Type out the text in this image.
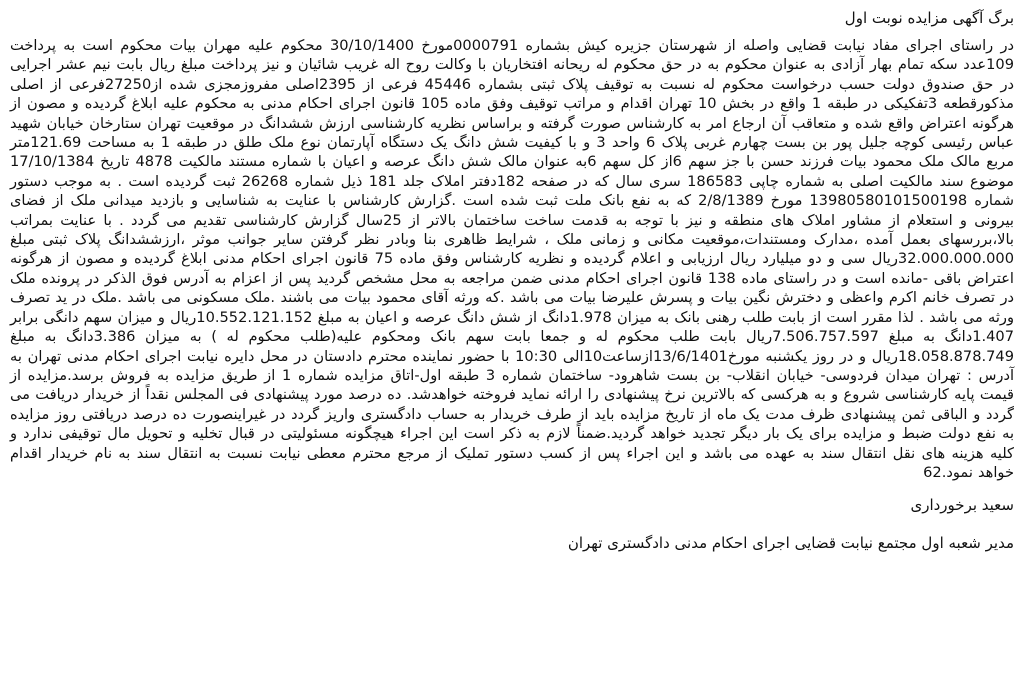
برگ آگهی مزایده نوبت اول

در راستای اجرای مفاد نیابت قضایی واصله از شهرستان جزیره کیش بشماره 0000791مورخ 30/10/1400 محکوم علیه مهران بیات محکوم است به پرداخت 109عدد سکه تمام بهار آزادی به عنوان محکوم به در حق محکوم له ریحانه افتخاریان با وکالت روح اله غریب شائیان و نیز پرداخت مبلغ ریال بابت نیم عشر اجرایی در حق صندوق دولت حسب درخواست محکوم له نسبت به توقیف پلاک ثبتی بشماره 45446 فرعی از 2395اصلی مفروزمجزی شده از27250فرعی از اصلی مذکورقطعه 3تفکیکی در طبقه 1 واقع در بخش 10 تهران اقدام و مراتب توقیف وفق ماده 105 قانون اجرای احکام مدنی به محکوم علیه ابلاغ گردیده و مصون از هرگونه اعتراض واقع شده و متعاقب آن ارجاع امر به کارشناس صورت گرفته و براساس نظریه کارشناسی ارزش ششدانگ در موقعیت تهران ستارخان خیابان شهید عباس رئیسی کوچه جلیل پور بن بست چهارم غربی پلاک 6 واحد 3 و با کیفیت شش دانگ یک دستگاه آپارتمان نوع ملک طلق در طبقه 1 به مساحت 121.69متر مربع مالک ملک محمود بیات فرزند حسن با جز سهم 6از کل سهم 6به عنوان مالک شش دانگ عرصه و اعیان با شماره مستند مالکیت 4878 تاریخ 17/10/1384 موضوع سند مالکیت اصلی به شماره چاپی 186583 سری سال که در صفحه 182دفتر املاک جلد 181 ذیل شماره 26268 ثبت گردیده است . به موجب دستور شماره 13980580101500198 مورخ 2/8/1389 که به نفع بانک ملت ثبت شده است .گزارش کارشناس با عنایت به شناسایی و بازدید میدانی ملک از فضای بیرونی و استعلام از مشاور املاک های منطقه و نیز با توجه به قدمت ساخت ساختمان بالاتر از 25سال گزارش کارشناسی تقدیم می گردد . با عنایت بمراتب بالا،بررسهای بعمل آمده ،مدارک ومستندات،موقعیت مکانی و زمانی ملک ، شرایط ظاهری بنا وبادر نظر گرفتن سایر جوانب موثر ،ارزششدانگ پلاک ثبتی مبلغ 32.000.000.000ریال سی و دو میلیارد ریال ارزیابی و اعلام گردیده و نظریه کارشناس وفق ماده 75 قانون اجرای احکام مدنی ابلاغ گردیده و مصون از هرگونه اعتراض باقی -مانده است و در راستای ماده 138 قانون اجرای احکام مدنی ضمن مراجعه به محل مشخص گردید پس از اعزام به آدرس فوق الذکر در پرونده ملک در تصرف خانم اکرم واعظی و دخترش نگین بیات و پسرش علیرضا بیات می باشد .که ورثه آقای محمود بیات می باشند .ملک مسکونی می باشد .ملک در ید تصرف ورثه می باشد . لذا مقرر است از بابت طلب رهنی بانک به میزان 1.978دانگ از شش دانگ عرصه و اعیان به مبلغ 10.552.121.152ریال و میزان سهم دانگی برابر 1.407دانگ به مبلغ 7.506.757.597ریال بابت طلب محکوم له و جمعا بابت سهم بانک ومحکوم علیه(طلب محکوم له ) به میزان 3.386دانگ به مبلغ 18.058.878.749ریال و در روز یکشنبه مورخ13/6/1401ازساعت10الی 10:30 با حضور نماینده محترم دادستان در محل دایره نیابت اجرای احکام مدنی تهران به آدرس : تهران میدان فردوسی- خیابان انقلاب- بن بست شاهرود- ساختمان شماره 3 طبقه اول-اتاق مزایده شماره 1 از طریق مزایده به فروش برسد.مزایده از قیمت پایه کارشناسی شروع و به هرکسی که بالاترین نرخ پیشنهادی را ارائه نماید فروخته خواهدشد. ده درصد مورد پیشنهادی فی المجلس نقداً از خریدار دریافت می گردد و الباقی ثمن پیشنهادی ظرف مدت یک ماه از تاریخ مزایده باید از طرف خریدار به حساب دادگستری واریز گردد در غیراینصورت ده درصد دریافتی روز مزایده به نفع دولت ضبط و مزایده برای یک بار دیگر تجدید خواهد گردید.ضمناً لازم به ذکر است این اجراء هیچگونه مسئولیتی در قبال تخلیه و تحویل مال توقیفی ندارد و کلیه هزینه های نقل انتقال سند به عهده می باشد و این اجراء پس از کسب دستور تملیک از مرجع محترم معطی نیابت نسبت به انتقال سند به نام خریدار اقدام خواهد نمود.62

سعید برخورداری

مدیر شعبه اول مجتمع نیابت قضایی اجرای احکام مدنی دادگستری تهران
